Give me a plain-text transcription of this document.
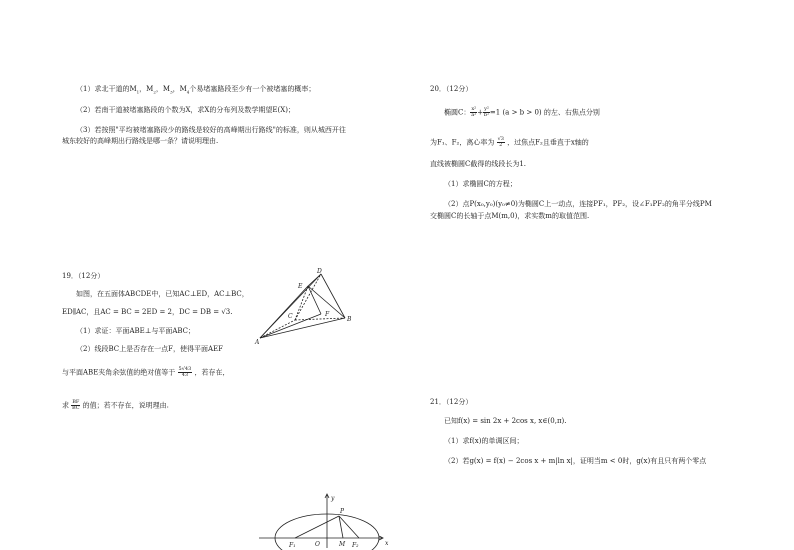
（1）求北干道的$M_1$，$M_2$，$M_3$，$M_4$个易堵塞路段至少有一个被堵塞的概率；
（2）若南干道被堵塞路段的个数为X，求X的分布列及数学期望E(X)；
（3）若按照"平均被堵塞路段少的路线是较好的高峰期出行路线"的标准，则从城西开往
城东较好的高峰期出行路线是哪一条？请说明理由.
19．（12分）
如图，在五面体ABCDE中，已知AC⊥ED，AC⊥BC，
ED∥AC，且AC = BC = 2ED = 2，DC = DB = √3.
（1）求证：平面ABE⊥与平面ABC；
（2）线段BC上是否存在一点F，使得平面AEF
与平面ABE夹角余弦值的绝对值等于 $\frac{5√43}{43}$ ，若存在，
求 $\frac{BF}{BC}$ 的值；若不存在，说明理由.
D
E
C	F
B
A
y
P
F₁	O	M F₂	x
20．（12分）
椭圆C： $\frac{\text{x²}}{\text{a²}} + \frac{\text{y²}}{\text{b²}} =1$ (a > b > 0) 的左、右焦点分别
为F₁、F₂，离心率为 $\frac{√3}{2}$ ，过焦点F₂且垂直于x轴的
直线被椭圆C截得的线段长为1.
（1）求椭圆C的方程；
（2）点P(x₀,y₀)(y₀≠0)为椭圆C上一动点，连接PF₁，PF₂，设∠F₁PF₂的角平分线PM
交椭圆C的长轴于点M(m,0)，求实数m的取值范围.
21．（12分）
已知f(x) = sin 2x + 2cos x, x∈(0,π).
（1）求f(x)的单调区间；
（2）若g(x) = f(x) − 2cos x + m|ln x|，证明当m < 0时，g(x)有且只有两个零点
